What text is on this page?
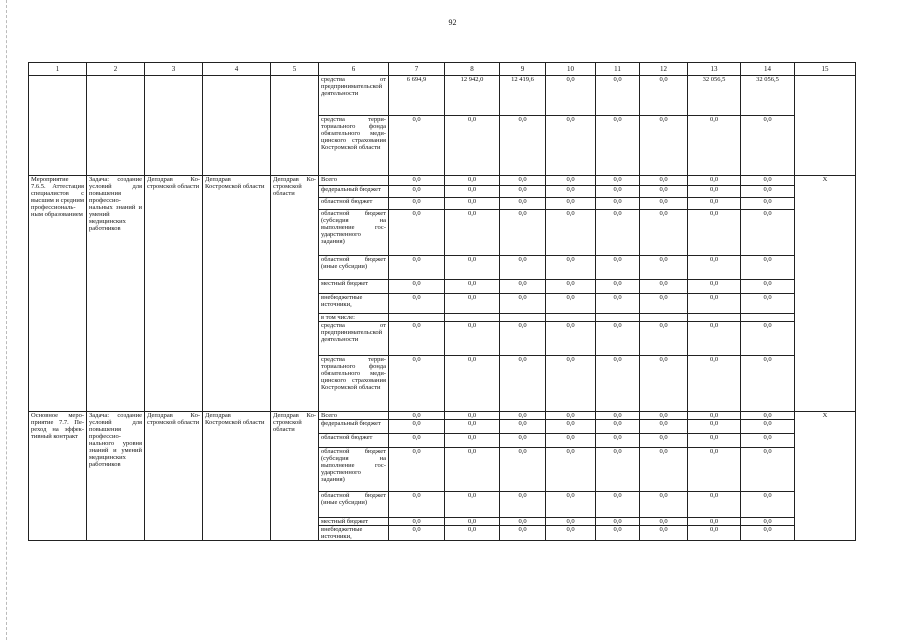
92
1	2	3	4	5	6	7	8	9	10	11	12	13	14	15
					средства от предпринимательской деятельности	6 694,9	12 942,0	12 419,6	0,0	0,0	0,0	32 056,5	32 056,5	
					средства территориального фонда обязательного медицинского страхования Костромской области	0,0	0,0	0,0	0,0	0,0	0,0	0,0	0,0	
Мероприятие 7.6.5. Аттестация специалистов с высшим и средним профессиональным образованием	Задача: создание условий для повышения профессиональных знаний и умений медицинских работников	Депздрав Костромской области	Депздрав Костромской области	Депздрав Костромской области	Всего	0,0	0,0	0,0	0,0	0,0	0,0	0,0	0,0	Х
					федеральный бюджет	0,0	0,0	0,0	0,0	0,0	0,0	0,0	0,0	
					областной бюджет	0,0	0,0	0,0	0,0	0,0	0,0	0,0	0,0	
					областной бюджет (субсидия на выполнение государственного задания)	0,0	0,0	0,0	0,0	0,0	0,0	0,0	0,0	
					областной бюджет (иные субсидии)	0,0	0,0	0,0	0,0	0,0	0,0	0,0	0,0	
					местный бюджет	0,0	0,0	0,0	0,0	0,0	0,0	0,0	0,0	
					внебюджетные источники,	0,0	0,0	0,0	0,0	0,0	0,0	0,0	0,0	
					в том числе:									
					средства от предпринимательской деятельности	0,0	0,0	0,0	0,0	0,0	0,0	0,0	0,0	
					средства территориального фонда обязательного медицинского страхования Костромской области	0,0	0,0	0,0	0,0	0,0	0,0	0,0	0,0	
Основное мероприятие 7.7. Переход на эффективный контракт	Задача: создание условий для повышения профессионального уровня знаний и умений медицинских работников	Депздрав Костромской области	Депздрав Костромской области	Депздрав Костромской области	Всего	0,0	0,0	0,0	0,0	0,0	0,0	0,0	0,0	Х
					федеральный бюджет	0,0	0,0	0,0	0,0	0,0	0,0	0,0	0,0	
					областной бюджет	0,0	0,0	0,0	0,0	0,0	0,0	0,0	0,0	
					областной бюджет (субсидия на выполнение государственного задания)	0,0	0,0	0,0	0,0	0,0	0,0	0,0	0,0	
					областной бюджет (иные субсидии)	0,0	0,0	0,0	0,0	0,0	0,0	0,0	0,0	
					местный бюджет	0,0	0,0	0,0	0,0	0,0	0,0	0,0	0,0	
					внебюджетные источники,	0,0	0,0	0,0	0,0	0,0	0,0	0,0	0,0	
